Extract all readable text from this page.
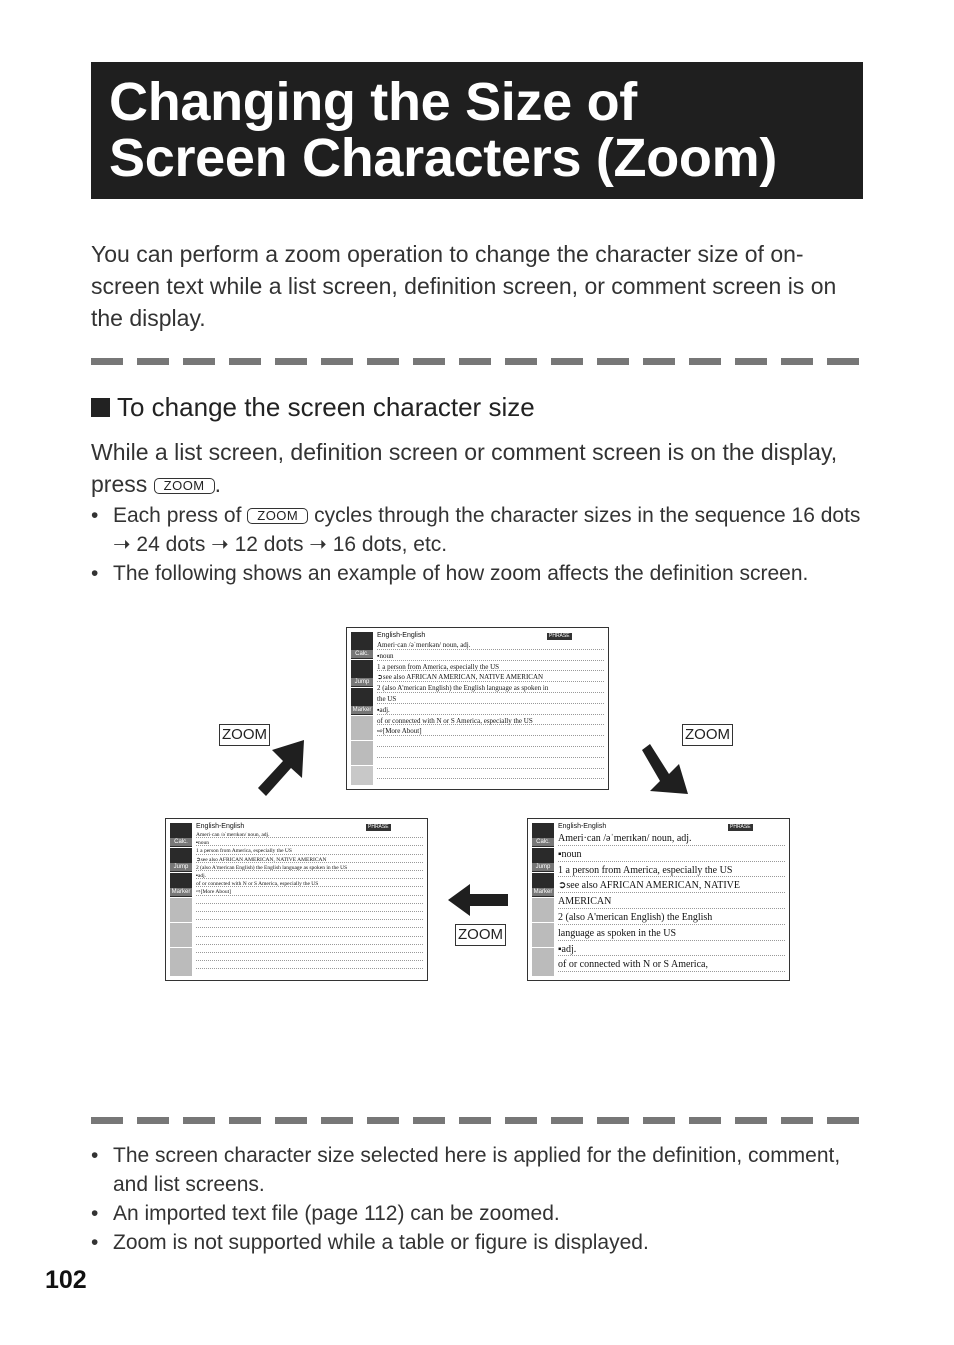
Changing the Size of
Screen Characters (Zoom)
You can perform a zoom operation to change the character size of on-screen text while a list screen, definition screen, or comment screen is on the display.
To change the screen character size
While a list screen, definition screen or comment screen is on the display, press ZOOM .
• Each press of ZOOM cycles through the character sizes in the sequence 16 dots ➝ 24 dots ➝ 12 dots ➝ 16 dots, etc.
• The following shows an example of how zoom affects the definition screen.
Calc.
Jump
Marker
English-English	PHRASE
Ameri·can /əˈmerɪkən/ noun, adj.
▪noun
1 a person from America, especially the US
➲see also AFRICAN AMERICAN, NATIVE AMERICAN
2 (also A'merican English) the English language as spoken in
the US
▪adj.
of or connected with N or S America, especially the US
⇨[More About]
Calc.
Jump
Marker
English-English	PHRASE
Ameri·can /əˈmerɪkən/ noun, adj.
▪noun
1 a person from America, especially the US
➲see also AFRICAN AMERICAN, NATIVE AMERICAN
2 (also A'merican English) the English language as spoken in the US
▪adj.
of or connected with N or S America, especially the US
⇨[More About]
Calc.
Jump
Marker
English-English	PHRASE
Ameri·can /əˈmerɪkən/ noun, adj.
▪noun
1 a person from America, especially the US
➲see also AFRICAN AMERICAN, NATIVE
AMERICAN
2 (also A'merican English) the English
language as spoken in the US
▪adj.
of or connected with N or S America,
ZOOM	ZOOM
ZOOM
• The screen character size selected here is applied for the definition, comment, and list screens.
• An imported text file (page 112) can be zoomed.
• Zoom is not supported while a table or figure is displayed.
102
